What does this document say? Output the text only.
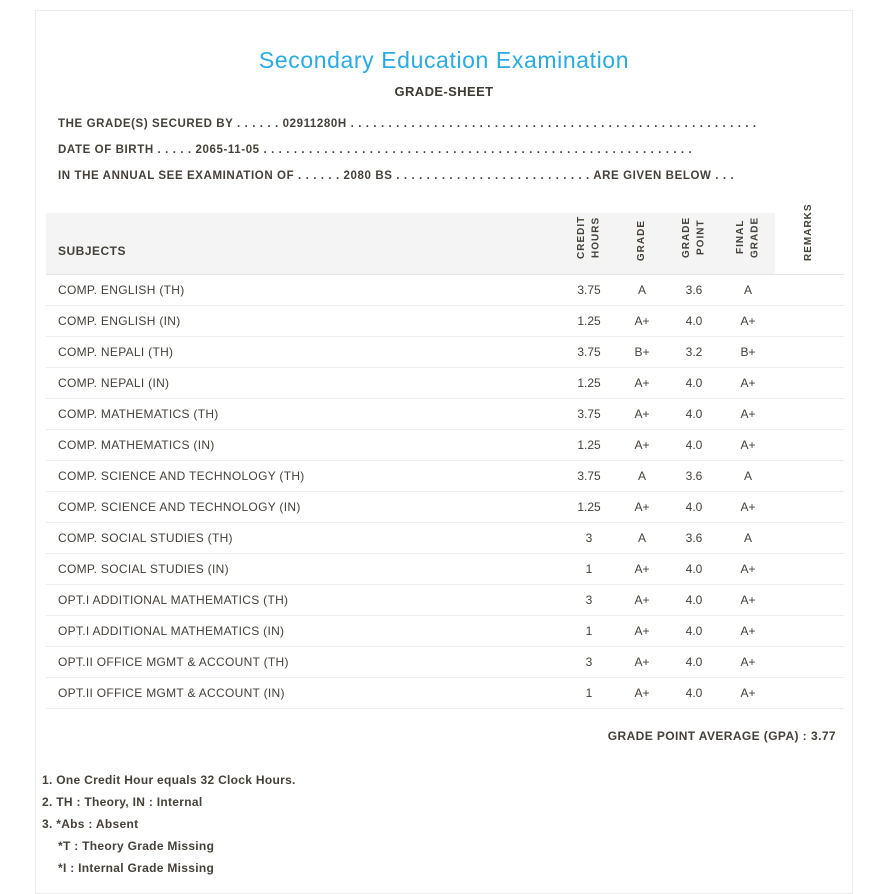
Secondary Education Examination
GRADE-SHEET
THE GRADE(S) SECURED BY . . . . . . 02911280H . . . . . . . . . . . . . . . . . . . . . . . . . . . . . . . . . . . . . . . . . . . . . . . . . . . . . .
DATE OF BIRTH . . . . . 2065-11-05 . . . . . . . . . . . . . . . . . . . . . . . . . . . . . . . . . . . . . . . . . . . . . . . . . . . . . . . . .
IN THE ANNUAL SEE EXAMINATION OF . . . . . . 2080 BS . . . . . . . . . . . . . . . . . . . . . . . . . . ARE GIVEN BELOW . . .
SUBJECTS	CREDIT HOURS	GRADE	GRADE POINT	FINAL GRADE	REMARKS
COMP. ENGLISH (TH)	3.75	A	3.6	A	
COMP. ENGLISH (IN)	1.25	A+	4.0	A+	
COMP. NEPALI (TH)	3.75	B+	3.2	B+	
COMP. NEPALI (IN)	1.25	A+	4.0	A+	
COMP. MATHEMATICS (TH)	3.75	A+	4.0	A+	
COMP. MATHEMATICS (IN)	1.25	A+	4.0	A+	
COMP. SCIENCE AND TECHNOLOGY (TH)	3.75	A	3.6	A	
COMP. SCIENCE AND TECHNOLOGY (IN)	1.25	A+	4.0	A+	
COMP. SOCIAL STUDIES (TH)	3	A	3.6	A	
COMP. SOCIAL STUDIES (IN)	1	A+	4.0	A+	
OPT.I ADDITIONAL MATHEMATICS (TH)	3	A+	4.0	A+	
OPT.I ADDITIONAL MATHEMATICS (IN)	1	A+	4.0	A+	
OPT.II OFFICE MGMT & ACCOUNT (TH)	3	A+	4.0	A+	
OPT.II OFFICE MGMT & ACCOUNT (IN)	1	A+	4.0	A+	
GRADE POINT AVERAGE (GPA) : 3.77
1. One Credit Hour equals 32 Clock Hours.
2. TH : Theory, IN : Internal
3. *Abs : Absent
*T : Theory Grade Missing
*I : Internal Grade Missing
